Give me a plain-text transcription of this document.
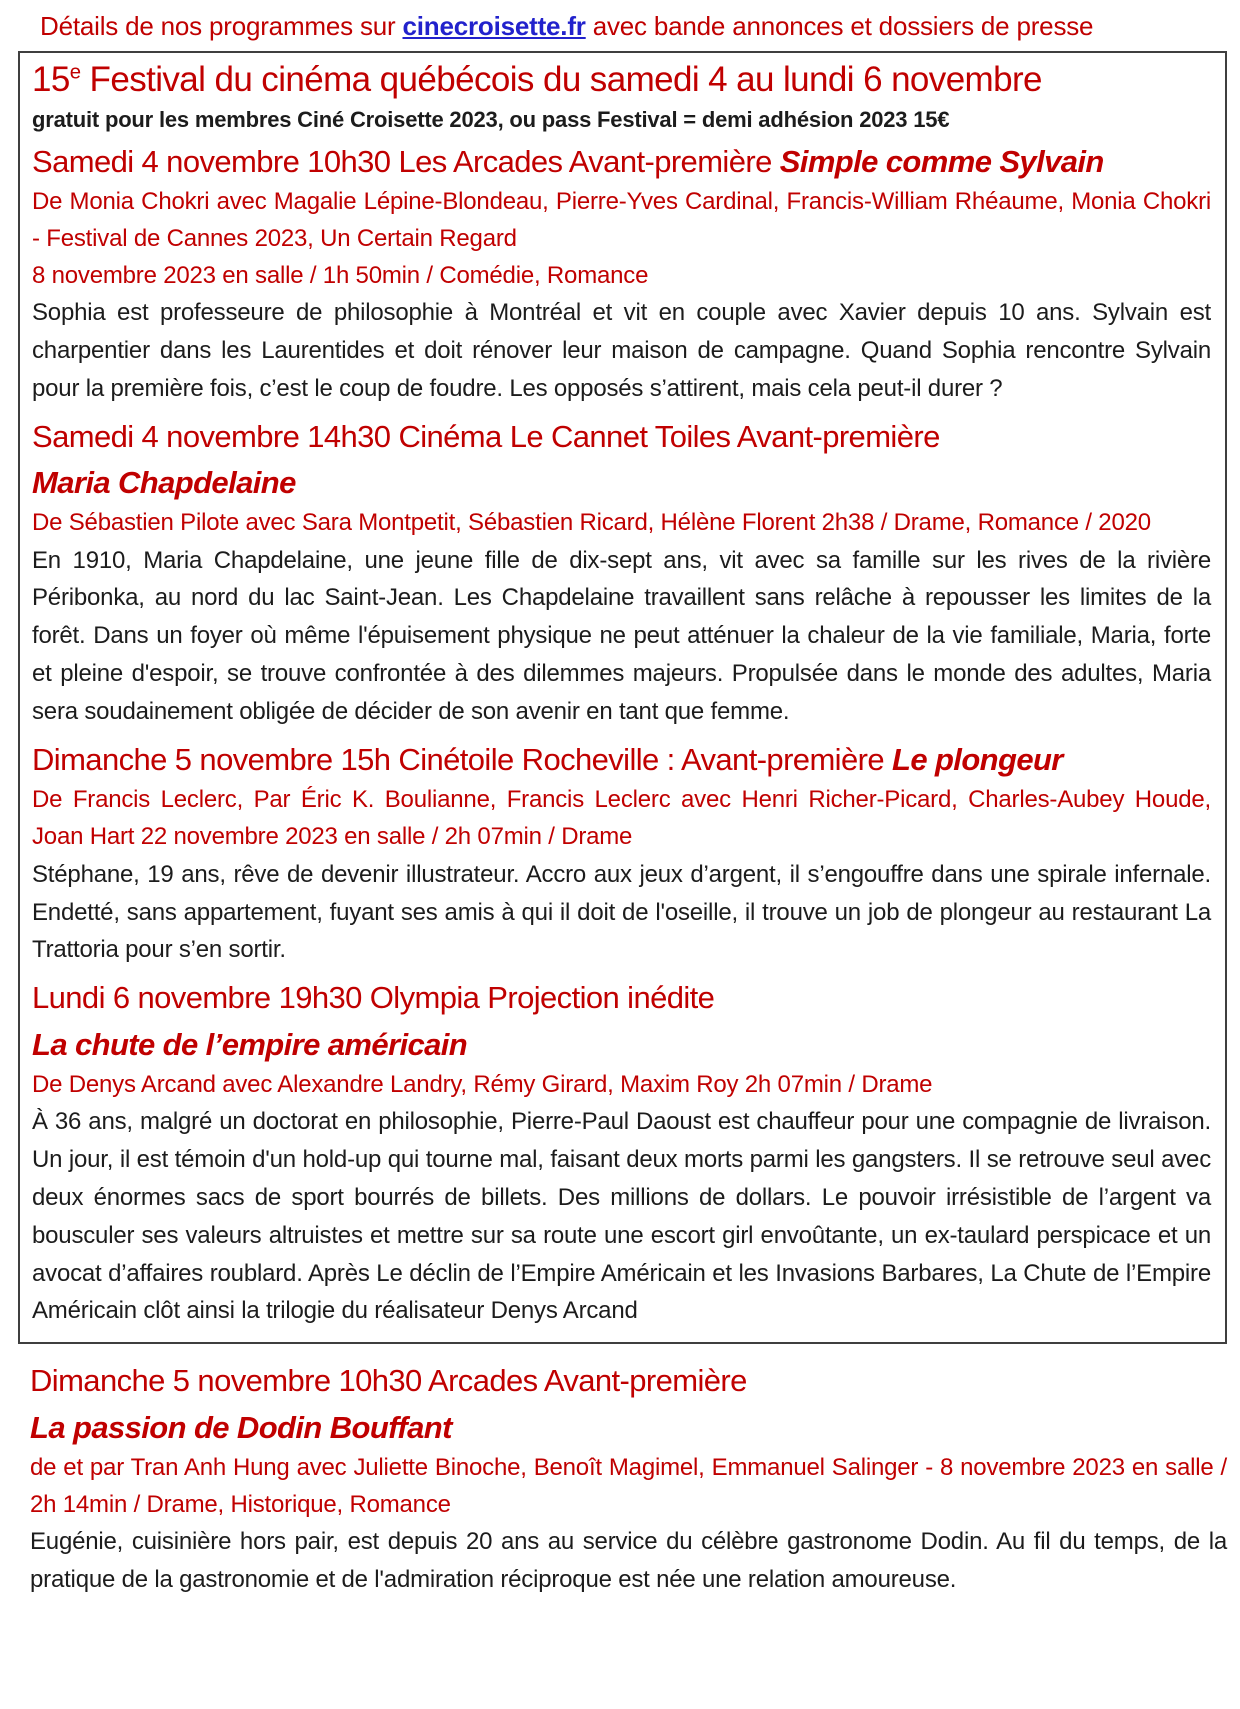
Détails de nos programmes sur cinecroisette.fr avec bande annonces et dossiers de presse
15e Festival du cinéma québécois du samedi 4 au lundi 6 novembre

gratuit pour les membres Ciné Croisette 2023, ou pass Festival = demi adhésion 2023 15€

Samedi 4 novembre 10h30 Les Arcades Avant-première Simple comme Sylvain

De Monia Chokri avec Magalie Lépine-Blondeau, Pierre-Yves Cardinal, Francis-William Rhéaume, Monia Chokri - Festival de Cannes 2023, Un Certain Regard

8 novembre 2023 en salle / 1h 50min / Comédie, Romance

Sophia est professeure de philosophie à Montréal et vit en couple avec Xavier depuis 10 ans. Sylvain est charpentier dans les Laurentides et doit rénover leur maison de campagne. Quand Sophia rencontre Sylvain pour la première fois, c’est le coup de foudre. Les opposés s’attirent, mais cela peut-il durer ?

Samedi 4 novembre 14h30 Cinéma Le Cannet Toiles Avant-première
Maria Chapdelaine

De Sébastien Pilote avec Sara Montpetit, Sébastien Ricard, Hélène Florent 2h38 / Drame, Romance / 2020

En 1910, Maria Chapdelaine, une jeune fille de dix-sept ans, vit avec sa famille sur les rives de la rivière Péribonka, au nord du lac Saint-Jean. Les Chapdelaine travaillent sans relâche à repousser les limites de la forêt. Dans un foyer où même l'épuisement physique ne peut atténuer la chaleur de la vie familiale, Maria, forte et pleine d'espoir, se trouve confrontée à des dilemmes majeurs. Propulsée dans le monde des adultes, Maria sera soudainement obligée de décider de son avenir en tant que femme.

Dimanche 5 novembre 15h Cinétoile Rocheville : Avant-première Le plongeur

De Francis Leclerc, Par Éric K. Boulianne, Francis Leclerc avec Henri Richer-Picard, Charles-Aubey Houde, Joan Hart 22 novembre 2023 en salle / 2h 07min / Drame

Stéphane, 19 ans, rêve de devenir illustrateur. Accro aux jeux d’argent, il s’engouffre dans une spirale infernale. Endetté, sans appartement, fuyant ses amis à qui il doit de l'oseille, il trouve un job de plongeur au restaurant La Trattoria pour s’en sortir.

Lundi 6 novembre 19h30 Olympia Projection inédite
La chute de l’empire américain

De Denys Arcand avec Alexandre Landry, Rémy Girard, Maxim Roy 2h 07min / Drame

À 36 ans, malgré un doctorat en philosophie, Pierre-Paul Daoust est chauffeur pour une compagnie de livraison. Un jour, il est témoin d'un hold-up qui tourne mal, faisant deux morts parmi les gangsters. Il se retrouve seul avec deux énormes sacs de sport bourrés de billets. Des millions de dollars. Le pouvoir irrésistible de l’argent va bousculer ses valeurs altruistes et mettre sur sa route une escort girl envoûtante, un ex-taulard perspicace et un avocat d’affaires roublard. Après Le déclin de l’Empire Américain et les Invasions Barbares, La Chute de l’Empire Américain clôt ainsi la trilogie du réalisateur Denys Arcand

Dimanche 5 novembre 10h30 Arcades Avant-première
La passion de Dodin Bouffant

de et par Tran Anh Hung avec Juliette Binoche, Benoît Magimel, Emmanuel Salinger - 8 novembre 2023 en salle / 2h 14min / Drame, Historique, Romance

Eugénie, cuisinière hors pair, est depuis 20 ans au service du célèbre gastronome Dodin. Au fil du temps, de la pratique de la gastronomie et de l'admiration réciproque est née une relation amoureuse.
